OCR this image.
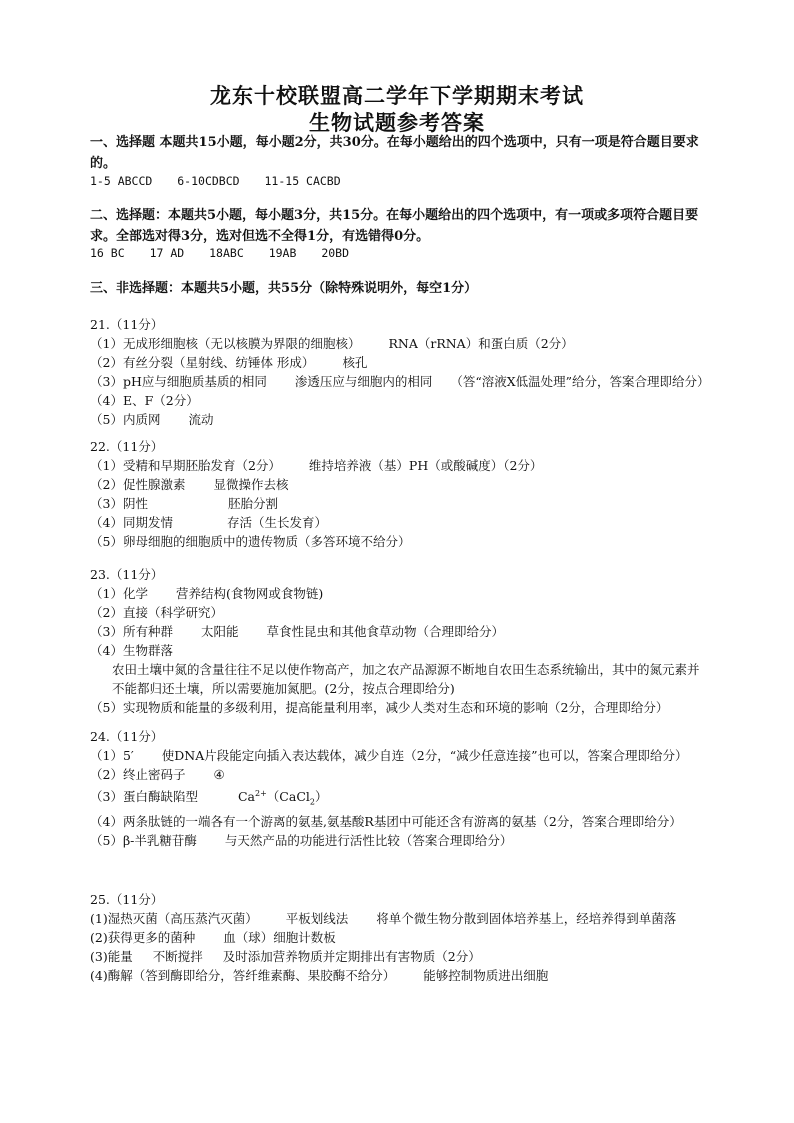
龙东十校联盟高二学年下学期期末考试
生物试题参考答案
一、选择题 本题共15小题，每小题2分，共30分。在每小题给出的四个选项中，只有一项是符合题目要求的。
1-5 ABCCD 6-10CDBCD 11-15 CACBD
二、选择题：本题共5小题，每小题3分，共15分。在每小题给出的四个选项中，有一项或多项符合题目要求。全部选对得3分，选对但选不全得1分，有选错得0分。
16 BC 17 AD 18ABC 19AB 20BD
三、非选择题：本题共5小题，共55分（除特殊说明外，每空1分）
21.（11分）
（1）无成形细胞核（无以核膜为界限的细胞核） RNA（rRNA）和蛋白质（2分）
（2）有丝分裂（星射线、纺锤体 形成） 核孔
（3）pH应与细胞质基质的相同 渗透压应与细胞内的相同 （答“溶液X低温处理”给分，答案合理即给分）
（4）E、F（2分）
（5）内质网 流动
22.（11分）
（1）受精和早期胚胎发育（2分） 维持培养液（基）PH（或酸碱度）（2分）
（2）促性腺激素 显微操作去核
（3）阴性	胚胎分割
（4）同期发情	存活（生长发育）
（5）卵母细胞的细胞质中的遗传物质（多答环境不给分）
23.（11分）
（1）化学 营养结构(食物网或食物链)
（2）直接（科学研究）
（3）所有种群 太阳能 草食性昆虫和其他食草动物（合理即给分）
（4）生物群落农田土壤中氮的含量往往不足以使作物高产，加之农产品源源不断地自农田生态系统输出，其中的氮元素并不能都归还土壤，所以需要施加氮肥。(2分，按点合理即给分)
（5）实现物质和能量的多级利用，提高能量利用率，减少人类对生态和环境的影响（2分，合理即给分）
24.（11分）
（1）5′ 使DNA片段能定向插入表达载体，减少自连（2分，“减少任意连接”也可以，答案合理即给分）
（2）终止密码子 ④
（3）蛋白酶缺陷型	$Ca^{2+}(CaCl_2)$
（4）两条肽链的一端各有一个游离的氨基,氨基酸R基团中可能还含有游离的氨基（2分，答案合理即给分）
（5）β-半乳糖苷酶 与天然产品的功能进行活性比较（答案合理即给分）
25.（11分）
(1)湿热灭菌（高压蒸汽灭菌） 平板划线法 将单个微生物分散到固体培养基上，经培养得到单菌落
(2)获得更多的菌种 血（球）细胞计数板
(3)能量 不断搅拌 及时添加营养物质并定期排出有害物质（2分）
(4)酶解（答到酶即给分，答纤维素酶、果胶酶不给分） 能够控制物质进出细胞
